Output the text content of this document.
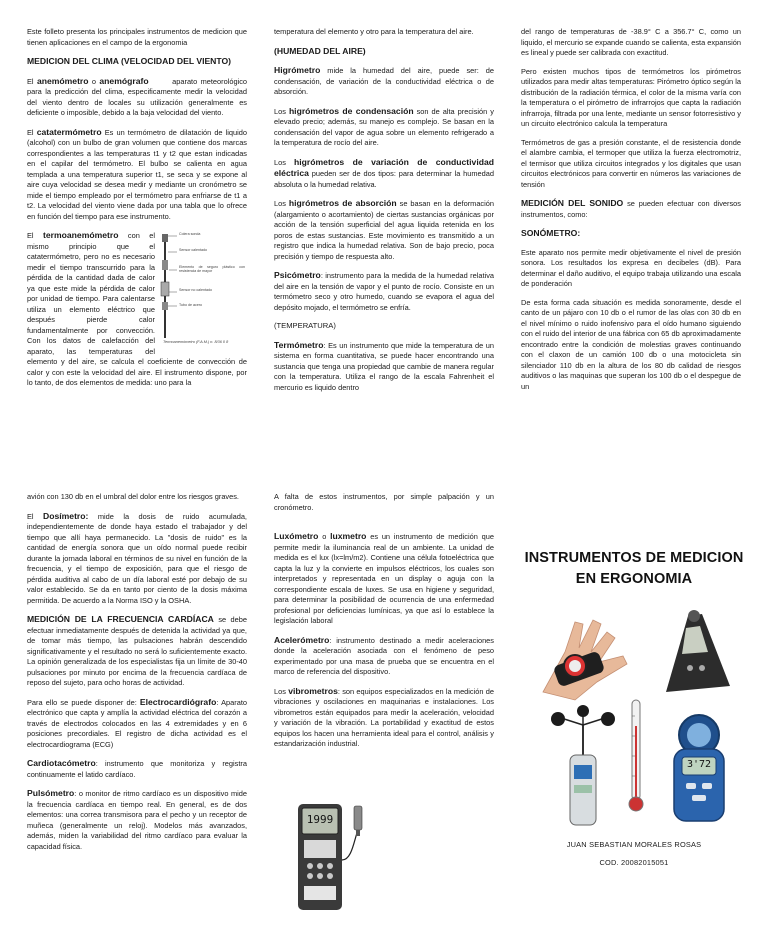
Este folleto presenta los principales instrumentos de medicion que tienen aplicaciones en el campo de la ergonomia

MEDICION DEL CLIMA (VELOCIDAD DEL VIENTO)

El anemómetro o anemógrafo	aparato meteorológico para la predicción del clima, especificamente medir la velocidad del viento dentro de locales su utilización generalmente es deficiente o imposible, debido a la baja velocidad del viento.

El catatermómetro Es un termómetro de dilatación de liquido (alcohol) con un bulbo de gran volumen que contiene dos marcas correspondientes a las temperaturas t1 y t2 que estan indicadas en el capilar del termómetro. El bulbo se calienta en agua templada a una temperatura superior t1, se seca y se expone al aire cuya velocidad se desea medir y mediante un cronómetro se mide el tiempo empleado por el termómetro para enfriarse de t1 a t2. La velocidad del viento viene dada por una tabla que lo ofrece en función del tiempo para ese instrumento.

Colera sonda
Sensor calentado
Elemento de seguro plástico con resistencia de mayor
Sensor no calentado
Tubo de acero
Termoanemómetro (F.A.M.) n. 8/36 0 8

El termoanemómetro con el mismo principio que el catatermómetro, pero no es necesario medir el tiempo transcurrido para la pérdida de la cantidad dada de calor ya que este mide la pérdida de calor por unidad de tiempo. Para calentarse utiliza un elemento eléctrico que después pierde calor fundamentalmente por convección. Con los datos de calefacción del aparato, las temperaturas del elemento y del aire, se calcula el coeficiente de convección de calor y con este la velocidad del aire. El instrumento dispone, por lo tanto, de dos elementos de medida: uno para la

temperatura del elemento y otro para la temperatura del aire.

(HUMEDAD DEL AIRE)

Higrómetro mide la humedad del aire, puede ser: de condensación, de variación de la conductividad eléctrica o de absorción.

Los higrómetros de condensación son de alta precisión y elevado precio; además, su manejo es complejo. Se basan en la condensación del vapor de agua sobre un elemento refrigerado a la temperatura de rocío del aire.

Los higrómetros de variación de conductividad eléctrica pueden ser de dos tipos: para determinar la humedad absoluta o la humedad relativa.

Los higrómetros de absorción se basan en la deformación (alargamiento o acortamiento) de ciertas sustancias orgánicas por acción de la tensión superficial del agua liquida retenida en los poros de estas sustancias. Este movimiento es transmitido a un registro que indica la humedad relativa. Son de bajo precio, poca precisión y tiempo de respuesta alto.

Psicómetro: instrumento para la medida de la humedad relativa del aire en la tensión de vapor y el punto de rocío. Consiste en un termómetro seco y otro humedo, cuando se evapora el agua del depósito mojado, el termómetro se enfría.

(TEMPERATURA)

Termómetro: Es un instrumento que mide la temperatura de un sistema en forma cuantitativa, se puede hacer encontrando una sustancia que tenga una propiedad que cambie de manera regular con la temperatura. Utiliza el rango de la escala Fahrenheit el mercurio es liquido dentro

del rango de temperaturas de -38.9° C a 356.7° C, como un liquido, el mercurio se expande cuando se calienta, esta expansión es lineal y puede ser calibrada con exactitud.

Pero existen muchos tipos de termómetros los pirómetros utilizados para medir altas temperaturas: Pirómetro óptico según la distribución de la radiación térmica, el color de la misma varía con la temperatura o el pirómetro de infrarrojos que capta la radiación infrarroja, filtrada por una lente, mediante un sensor fotorresistivo y un circuito electrónico calcula la temperatura

Termómetros de gas a presión constante, el de resistencia donde el alambre cambia, el termoper que utiliza la fuerza electromotriz, el termisor que utiliza circuitos integrados y los digitales que usan circuitos electrónicos para convertir en números las variaciones de tensión

MEDICIÓN DEL SONIDO se pueden efectuar con diversos instrumentos, como:

SONÓMETRO:

Este aparato nos permite medir objetivamente el nivel de presión sonora. Los resultados los expresa en decibeles (dB). Para determinar el daño auditivo, el equipo trabaja utilizando una escala de ponderación

De esta forma cada situación es medida sonoramente, desde el canto de un pájaro con 10 db o el rumor de las olas con 30 db en el nivel mínimo o ruido inofensivo para el oído humano siguiendo con el ruido del interior de una fábrica con 65 db aproximadamente encontrado entre la condición de molestias graves continuando con el claxon de un camión 100 db o una motocicleta sin silenciador 110 db en la altura de los 80 db calidad de riesgos auditivos o las maquinas que superan los 100 db o el despegue de un

avión con 130 db en el umbral del dolor entre los riesgos graves.

El Dosímetro: mide la dosis de ruido acumulada, independientemente de donde haya estado el trabajador y del tiempo que allí haya permanecido. La "dosis de ruido" es la cantidad de energía sonora que un oído normal puede recibir durante la jornada laboral en términos de su nivel en función de la frecuencia, y el tiempo de exposición, para que el riesgo de pérdida auditiva al cabo de un día laboral esté por debajo de su valor establecido. Se da en tanto por ciento de la dosis máxima permitida. De acuerdo a la Norma ISO y la OSHA.

MEDICIÓN DE LA FRECUENCIA CARDÍACA se debe efectuar inmediatamente después de detenida la actividad ya que, de tomar más tiempo, las pulsaciones habrán descendido significativamente y el resultado no será lo suficientemente exacto. La opinión generalizada de los especialistas fija un límite de 30-40 pulsaciones por minuto por encima de la frecuencia cardíaca de reposo del sujeto, para ocho horas de actividad.

Para ello se puede disponer de: Electrocardiógrafo: Aparato electrónico que capta y amplía la actividad eléctrica del corazón a través de electrodos colocados en las 4 extremidades y en 6 posiciones precordiales. El registro de dicha actividad es el electrocardiograma (ECG)

Cardiotacómetro: instrumento que monitoriza y registra continuamente el latido cardíaco.

Pulsómetro: o monitor de ritmo cardíaco es un dispositivo mide la frecuencia cardíaca en tiempo real. En general, es de dos elementos: una correa transmisora para el pecho y un receptor de muñeca (generalmente un reloj). Modelos más avanzados, además, miden la variabilidad del ritmo cardíaco para evaluar la capacidad física.

A falta de estos instrumentos, por simple palpación y un cronómetro.

Luxómetro o luxmetro es un instrumento de medición que permite medir la iluminancia real de un ambiente. La unidad de medida es el lux (lx=lm/m2). Contiene una célula fotoeléctrica que capta la luz y la convierte en impulsos eléctricos, los cuales son interpretados y representada en un display o aguja con la correspondiente escala de luxes. Se usa en higiene y seguridad, para determinar la posibilidad de ocurrencia de una enfermedad profesional por deficiencias lumínicas, ya que así lo establece la legislación laboral

Acelerómetro: instrumento destinado a medir aceleraciones donde la aceleración asociada con el fenómeno de peso experimentado por una masa de prueba que se encuentra en el marco de referencia del dispositivo.

Los vibrometros: son equipos especializados en la medición de vibraciones y oscilaciones en maquinarias e instalaciones. Los vibrometros están equipados para medir la aceleración, velocidad y variación de la vibración. La portabilidad y exactitud de estos equipos los hacen una herramienta ideal para el control, análisis y estandarización industrial.

1999
INSTRUMENTOS DE MEDICION EN ERGONOMIA
3'72
JUAN SEBASTIAN MORALES ROSAS
COD. 20082015051
